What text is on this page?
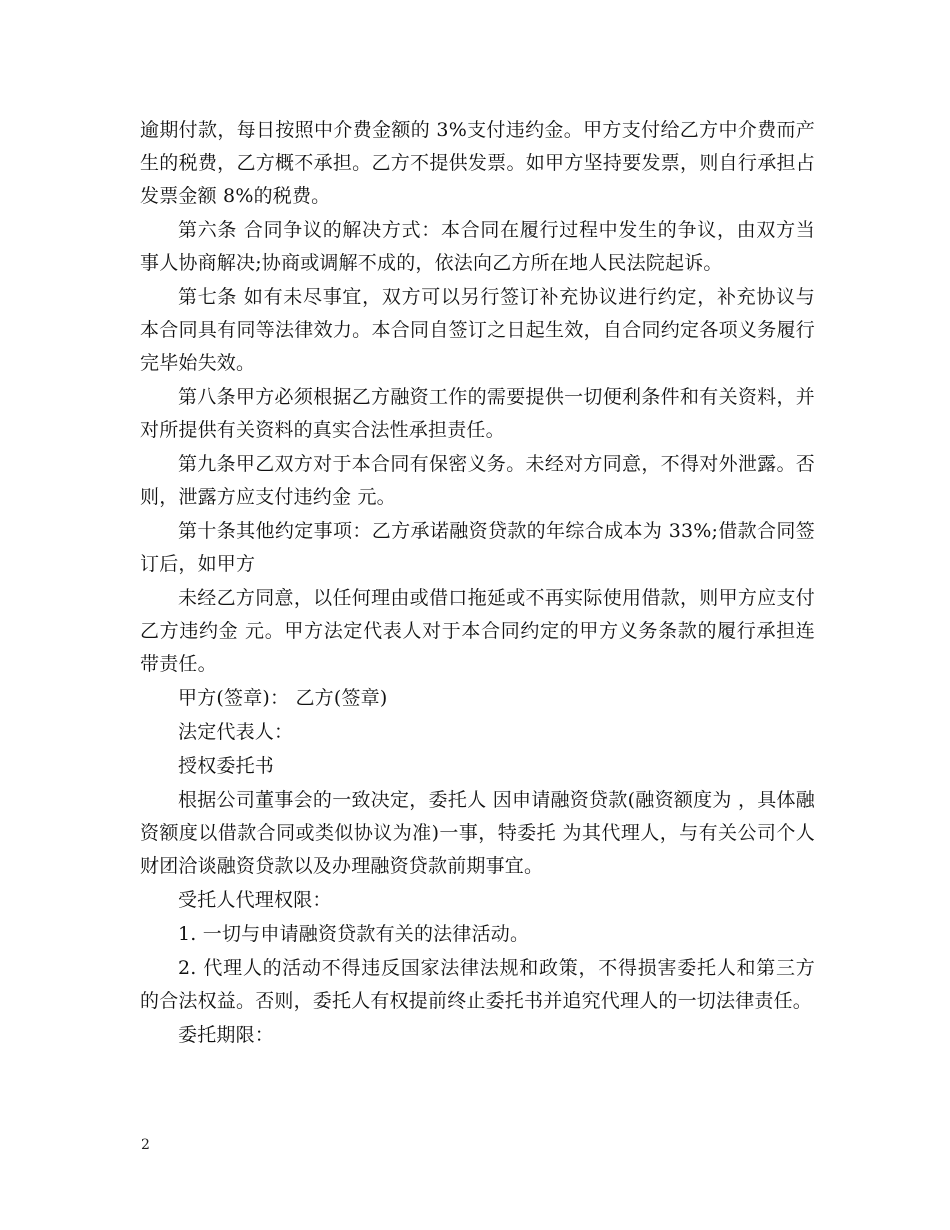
逾期付款，每日按照中介费金额的 3%支付违约金。甲方支付给乙方中介费而产生的税费，乙方概不承担。乙方不提供发票。如甲方坚持要发票，则自行承担占发票金额 8%的税费。

第六条 合同争议的解决方式：本合同在履行过程中发生的争议，由双方当事人协商解决;协商或调解不成的，依法向乙方所在地人民法院起诉。

第七条 如有未尽事宜，双方可以另行签订补充协议进行约定，补充协议与本合同具有同等法律效力。本合同自签订之日起生效，自合同约定各项义务履行完毕始失效。

第八条甲方必须根据乙方融资工作的需要提供一切便利条件和有关资料，并对所提供有关资料的真实合法性承担责任。

第九条甲乙双方对于本合同有保密义务。未经对方同意，不得对外泄露。否则，泄露方应支付违约金 元。

第十条其他约定事项：乙方承诺融资贷款的年综合成本为 33%;借款合同签订后，如甲方

未经乙方同意，以任何理由或借口拖延或不再实际使用借款，则甲方应支付乙方违约金 元。甲方法定代表人对于本合同约定的甲方义务条款的履行承担连带责任。

甲方(签章)： 乙方(签章)

法定代表人：

授权委托书

根据公司董事会的一致决定，委托人 因申请融资贷款(融资额度为 ，具体融资额度以借款合同或类似协议为准)一事，特委托 为其代理人，与有关公司个人财团洽谈融资贷款以及办理融资贷款前期事宜。

受托人代理权限：

1. 一切与申请融资贷款有关的法律活动。

2. 代理人的活动不得违反国家法律法规和政策，不得损害委托人和第三方的合法权益。否则，委托人有权提前终止委托书并追究代理人的一切法律责任。

委托期限：

2
